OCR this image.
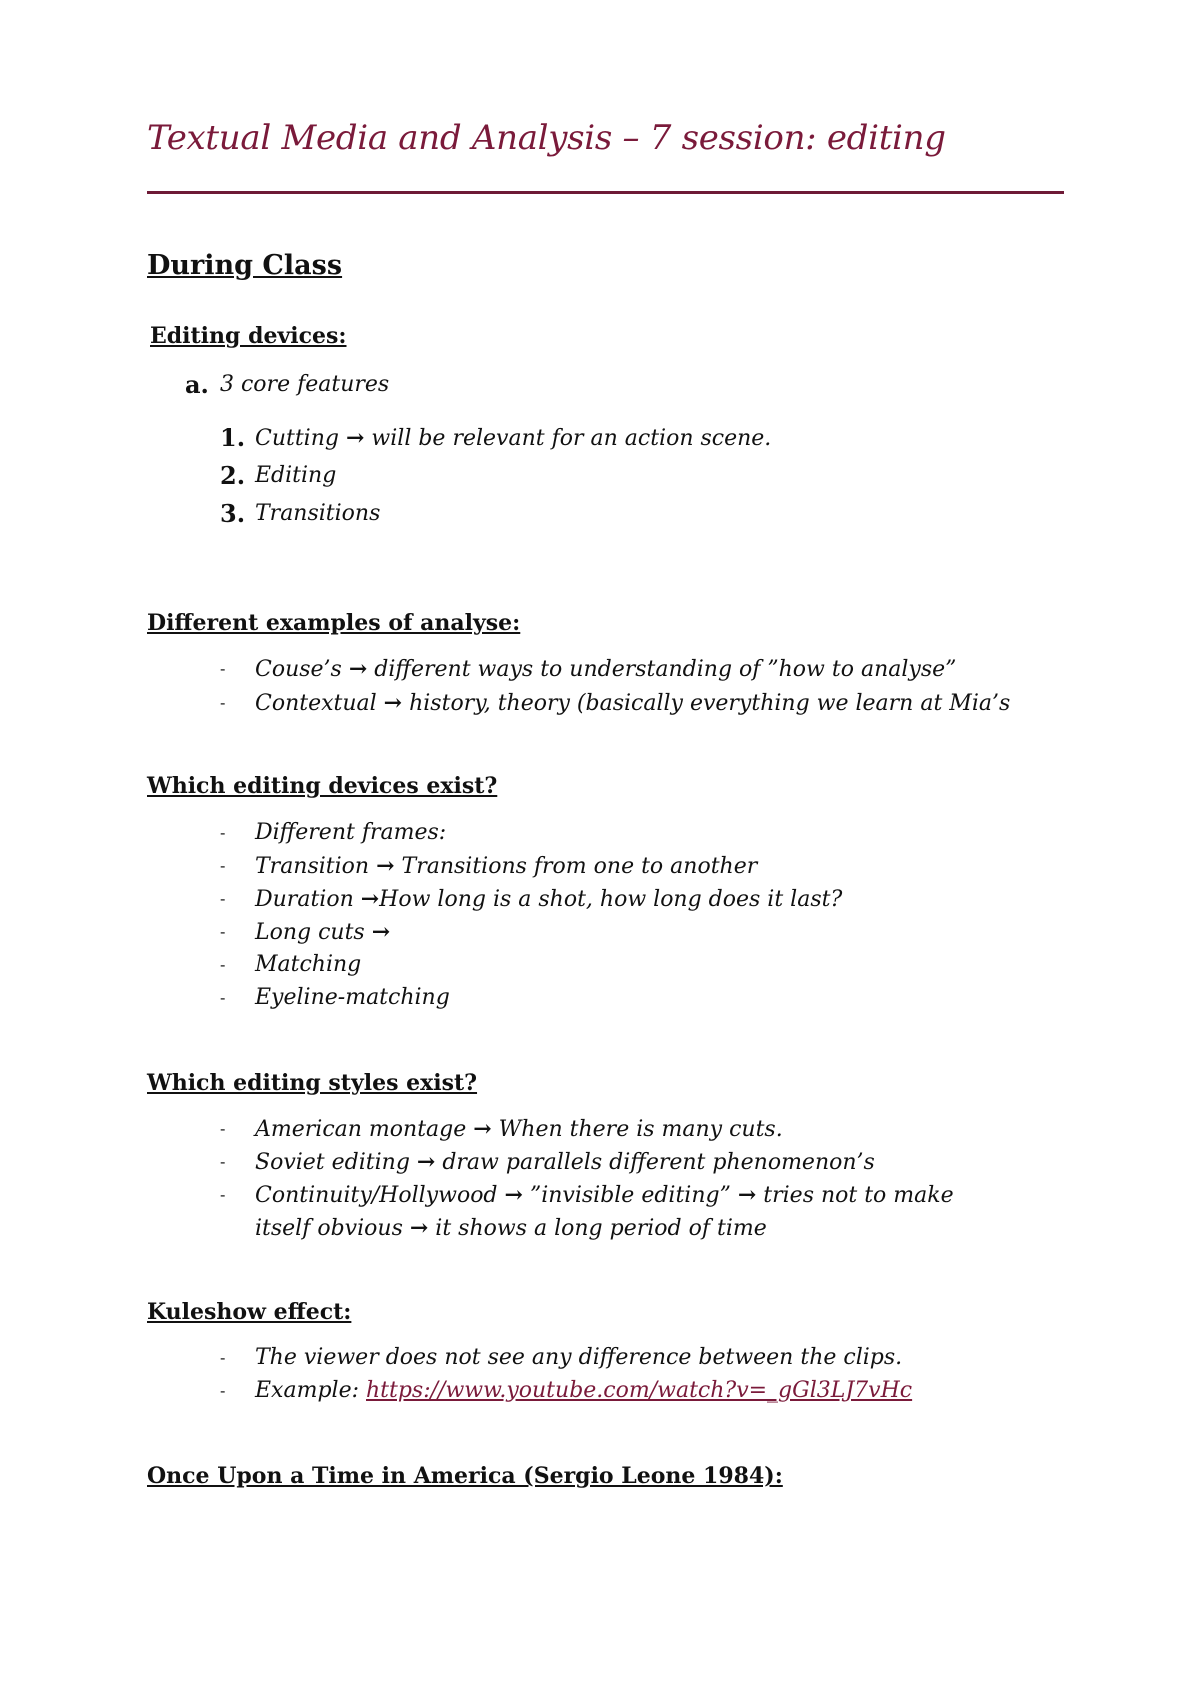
Textual Media and Analysis – 7 session: editing
During Class
Editing devices:
a. 3 core features
1. Cutting → will be relevant for an action scene.
2. Editing
3. Transitions
Different examples of analyse:
- Couse’s → different ways to understanding of ”how to analyse”
- Contextual → history, theory (basically everything we learn at Mia’s
Which editing devices exist?
- Different frames:
- Transition → Transitions from one to another
- Duration →How long is a shot, how long does it last?
- Long cuts →
- Matching
- Eyeline-matching
Which editing styles exist?
- American montage → When there is many cuts.
- Soviet editing → draw parallels different phenomenon’s
- Continuity/Hollywood → ”invisible editing” → tries not to make
itself obvious → it shows a long period of time
Kuleshow effect:
- The viewer does not see any difference between the clips.
- Example: https://www.youtube.com/watch?v=_gGl3LJ7vHc
Once Upon a Time in America (Sergio Leone 1984):
